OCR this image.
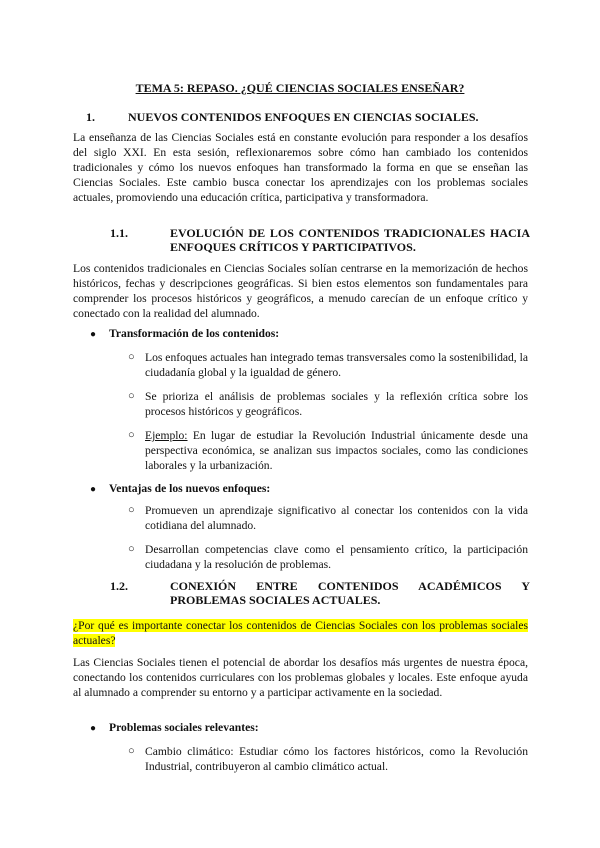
TEMA 5: REPASO. ¿QUÉ CIENCIAS SOCIALES ENSEÑAR?
1.	NUEVOS CONTENIDOS ENFOQUES EN CIENCIAS SOCIALES.
La enseñanza de las Ciencias Sociales está en constante evolución para responder a los desafíos del siglo XXI. En esta sesión, reflexionaremos sobre cómo han cambiado los contenidos tradicionales y cómo los nuevos enfoques han transformado la forma en que se enseñan las Ciencias Sociales. Este cambio busca conectar los aprendizajes con los problemas sociales actuales, promoviendo una educación crítica, participativa y transformadora.
1.1.	EVOLUCIÓN DE LOS CONTENIDOS TRADICIONALES HACIA ENFOQUES CRÍTICOS Y PARTICIPATIVOS.
Los contenidos tradicionales en Ciencias Sociales solían centrarse en la memorización de hechos históricos, fechas y descripciones geográficas. Si bien estos elementos son fundamentales para comprender los procesos históricos y geográficos, a menudo carecían de un enfoque crítico y conectado con la realidad del alumnado.
● Transformación de los contenidos:
○ Los enfoques actuales han integrado temas transversales como la sostenibilidad, la ciudadanía global y la igualdad de género.
○ Se prioriza el análisis de problemas sociales y la reflexión crítica sobre los procesos históricos y geográficos.
○ Ejemplo: En lugar de estudiar la Revolución Industrial únicamente desde una perspectiva económica, se analizan sus impactos sociales, como las condiciones laborales y la urbanización.
● Ventajas de los nuevos enfoques:
○ Promueven un aprendizaje significativo al conectar los contenidos con la vida cotidiana del alumnado.
○ Desarrollan competencias clave como el pensamiento crítico, la participación ciudadana y la resolución de problemas.
1.2.	CONEXIÓN ENTRE CONTENIDOS ACADÉMICOS Y PROBLEMAS SOCIALES ACTUALES.
¿Por qué es importante conectar los contenidos de Ciencias Sociales con los problemas sociales actuales?
Las Ciencias Sociales tienen el potencial de abordar los desafíos más urgentes de nuestra época, conectando los contenidos curriculares con los problemas globales y locales. Este enfoque ayuda al alumnado a comprender su entorno y a participar activamente en la sociedad.
● Problemas sociales relevantes:
○ Cambio climático: Estudiar cómo los factores históricos, como la Revolución Industrial, contribuyeron al cambio climático actual.
